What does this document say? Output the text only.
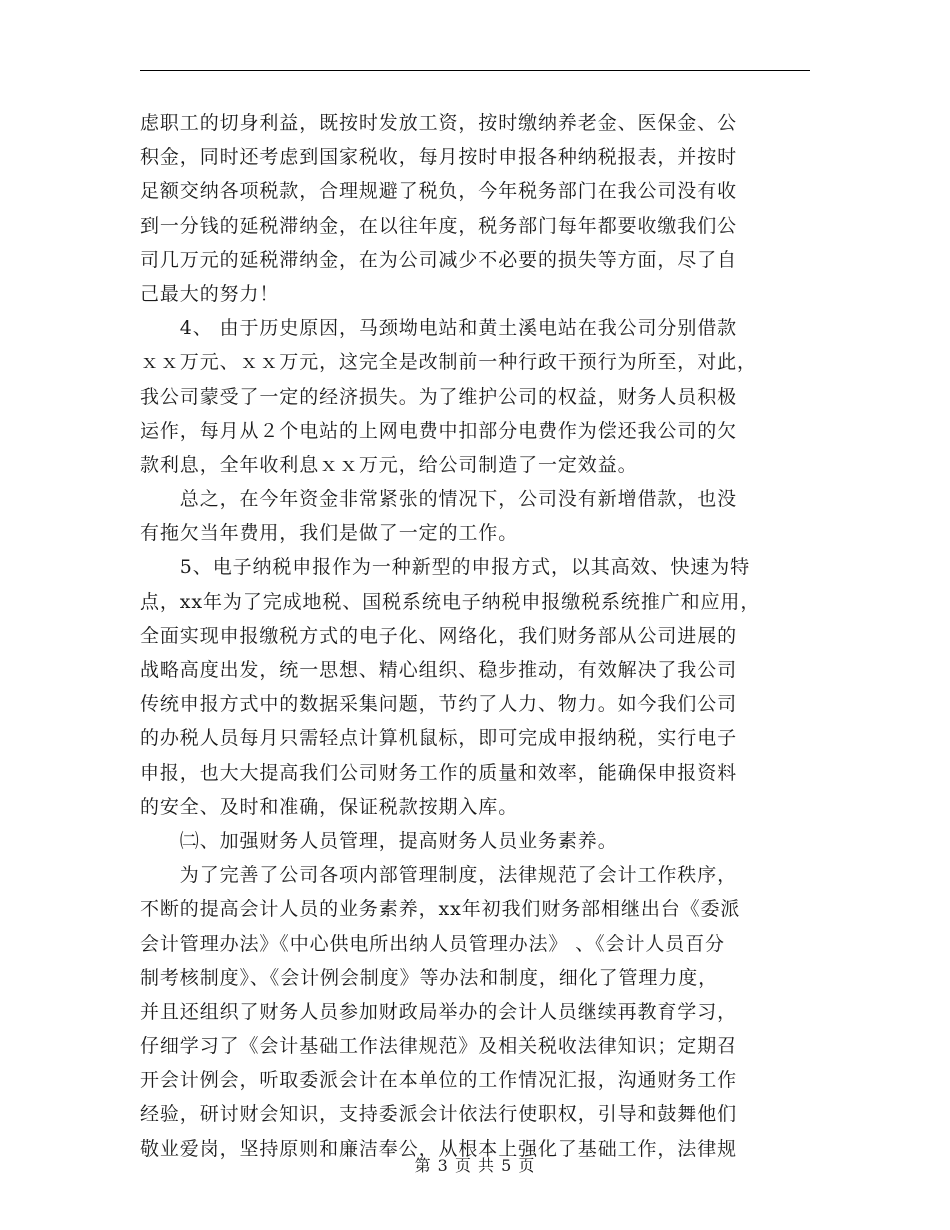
虑职工的切身利益，既按时发放工资，按时缴纳养老金、医保金、公
积金，同时还考虑到国家税收，每月按时申报各种纳税报表，并按时
足额交纳各项税款，合理规避了税负，今年税务部门在我公司没有收
到一分钱的延税滞纳金，在以往年度，税务部门每年都要收缴我们公
司几万元的延税滞纳金，在为公司减少不必要的损失等方面，尽了自
己最大的努力！
　　4、 由于历史原因，马颈坳电站和黄土溪电站在我公司分别借款
ｘｘ万元、ｘｘ万元，这完全是改制前一种行政干预行为所至，对此，
我公司蒙受了一定的经济损失。为了维护公司的权益，财务人员积极
运作，每月从２个电站的上网电费中扣部分电费作为偿还我公司的欠
款利息，全年收利息ｘｘ万元，给公司制造了一定效益。
　　总之，在今年资金非常紧张的情况下，公司没有新增借款，也没
有拖欠当年费用，我们是做了一定的工作。
　　5、电子纳税申报作为一种新型的申报方式，以其高效、快速为特
点，xx年为了完成地税、国税系统电子纳税申报缴税系统推广和应用，
全面实现申报缴税方式的电子化、网络化，我们财务部从公司进展的
战略高度出发，统一思想、精心组织、稳步推动，有效解决了我公司
传统申报方式中的数据采集问题，节约了人力、物力。如今我们公司
的办税人员每月只需轻点计算机鼠标，即可完成申报纳税，实行电子
申报，也大大提高我们公司财务工作的质量和效率，能确保申报资料
的安全、及时和准确，保证税款按期入库。
　　㈡、加强财务人员管理，提高财务人员业务素养。
　　为了完善了公司各项内部管理制度，法律规范了会计工作秩序，
不断的提高会计人员的业务素养，xx年初我们财务部相继出台《委派
会计管理办法》《中心供电所出纳人员管理办法》 、《会计人员百分
制考核制度》、《会计例会制度》等办法和制度，细化了管理力度，
并且还组织了财务人员参加财政局举办的会计人员继续再教育学习，
仔细学习了《会计基础工作法律规范》及相关税收法律知识；定期召
开会计例会，听取委派会计在本单位的工作情况汇报，沟通财务工作
经验，研讨财会知识，支持委派会计依法行使职权，引导和鼓舞他们
敬业爱岗，坚持原则和廉洁奉公，从根本上强化了基础工作，法律规
第 3 页 共 5 页
